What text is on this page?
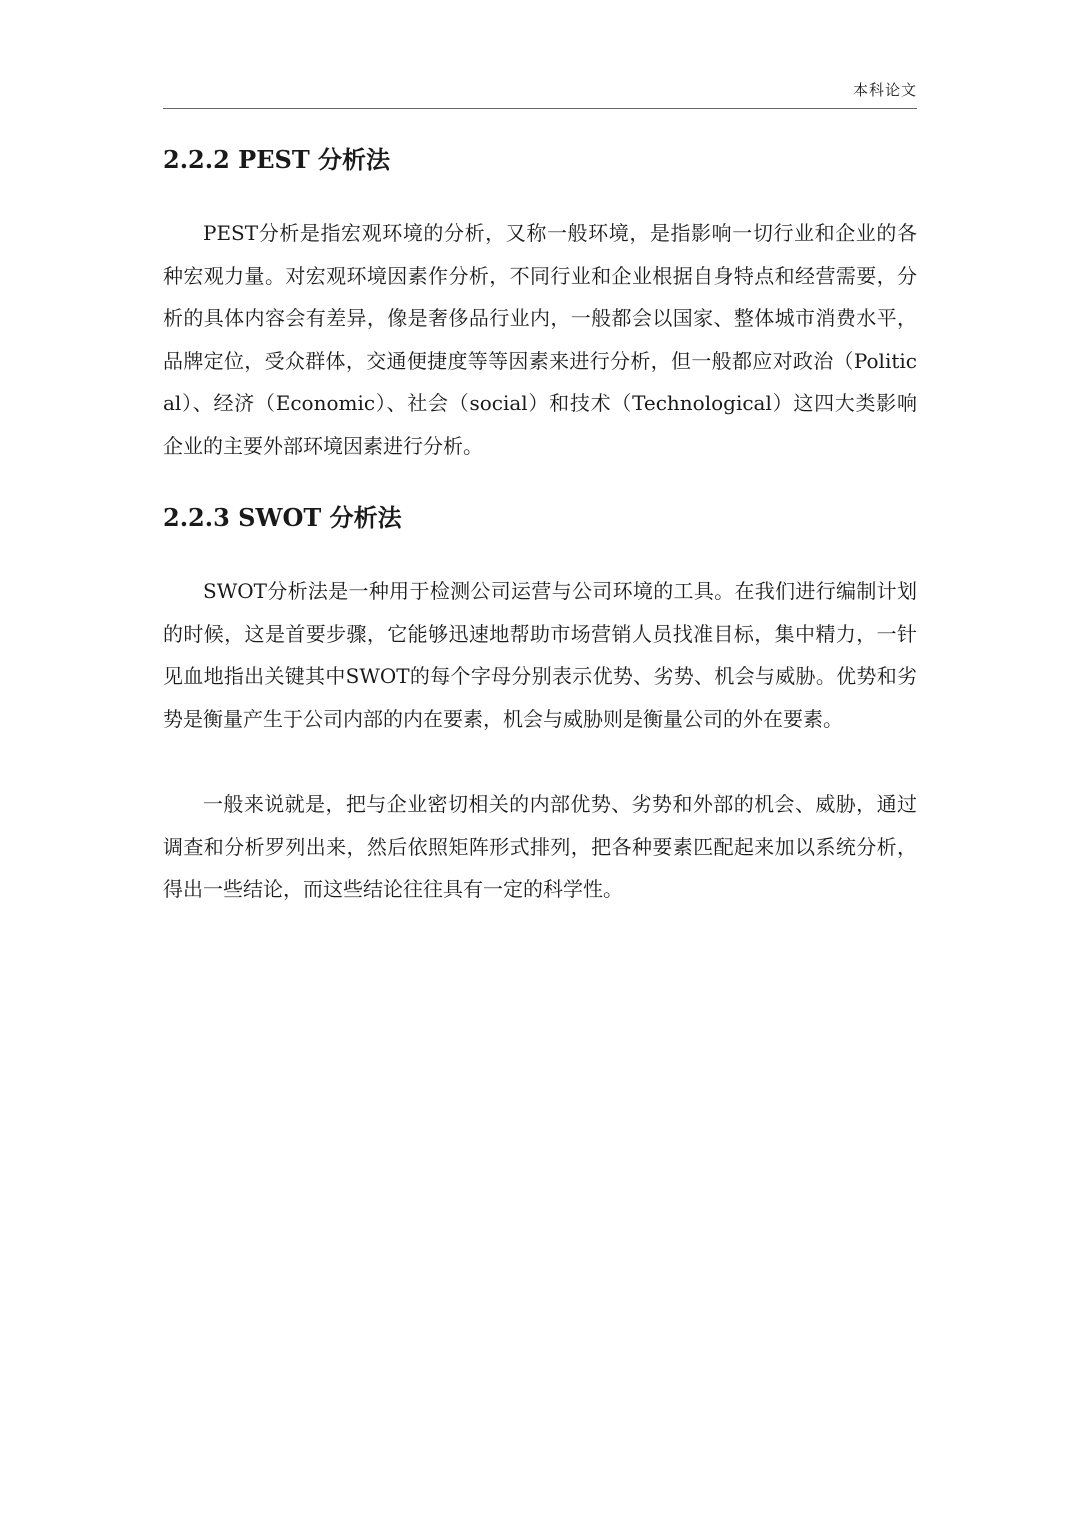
本科论文
2.2.2 PEST 分析法

PEST分析是指宏观环境的分析，又称一般环境，是指影响一切行业和企业的各种宏观力量。对宏观环境因素作分析，不同行业和企业根据自身特点和经营需要，分析的具体内容会有差异，像是奢侈品行业内，一般都会以国家、整体城市消费水平，品牌定位，受众群体，交通便捷度等等因素来进行分析，但一般都应对政治（Political）、经济（Economic）、社会（social）和技术（Technological）这四大类影响企业的主要外部环境因素进行分析。

2.2.3 SWOT 分析法

SWOT分析法是一种用于检测公司运营与公司环境的工具。在我们进行编制计划的时候，这是首要步骤，它能够迅速地帮助市场营销人员找准目标，集中精力，一针见血地指出关键其中SWOT的每个字母分别表示优势、劣势、机会与威胁。优势和劣势是衡量产生于公司内部的内在要素，机会与威胁则是衡量公司的外在要素。

一般来说就是，把与企业密切相关的内部优势、劣势和外部的机会、威胁，通过调查和分析罗列出来，然后依照矩阵形式排列，把各种要素匹配起来加以系统分析，得出一些结论，而这些结论往往具有一定的科学性。
